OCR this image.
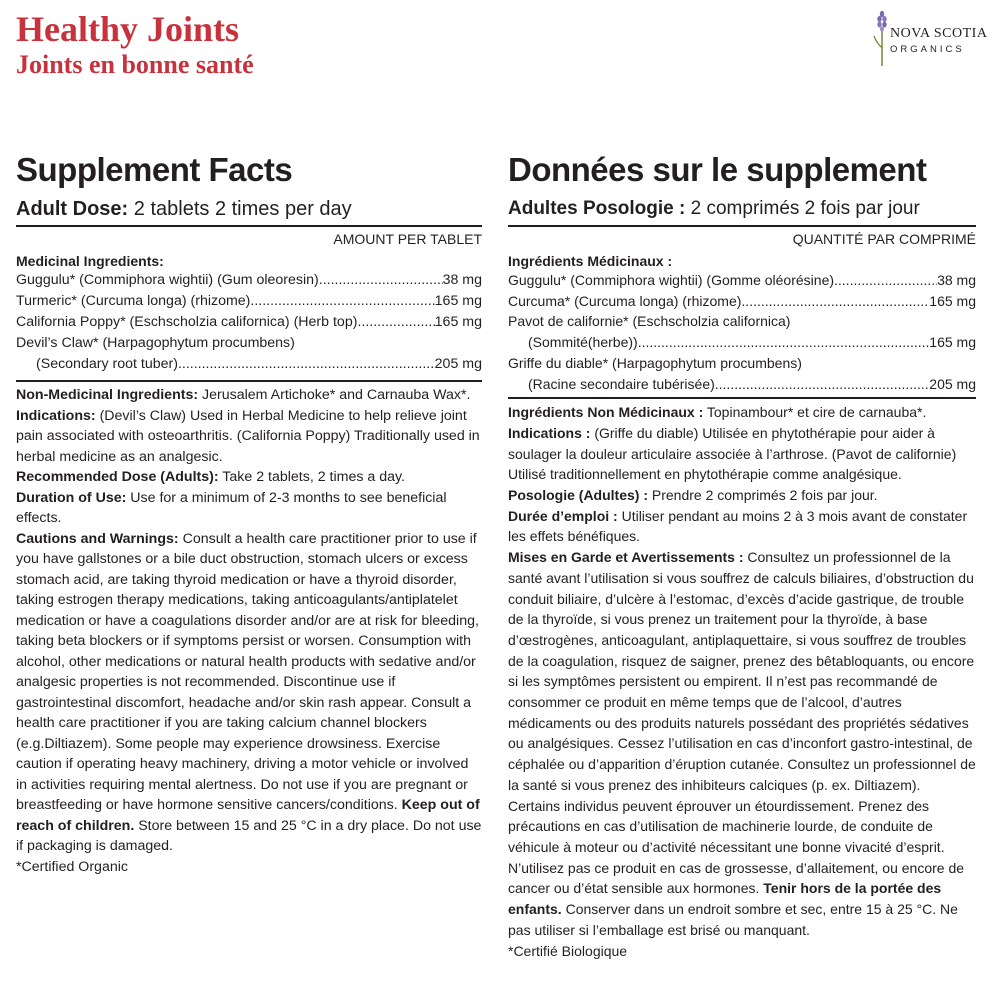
Healthy Joints
Joints en bonne santé
NOVA SCOTIA
ORGANICS
Supplement Facts
Adult Dose: 2 tablets 2 times per day
AMOUNT PER TABLET
Medicinal Ingredients:
Guggulu* (Commiphora wightii) (Gum oleoresin) .....	38 mg
Turmeric* (Curcuma longa) (rhizome) .....	165 mg
California Poppy* (Eschscholzia californica) (Herb top) .....	165 mg
Devil’s Claw* (Harpagophytum procumbens)
(Secondary root tuber) .....	205 mg
Non-Medicinal Ingredients: Jerusalem Artichoke* and Carnauba Wax*.
Indications: (Devil’s Claw) Used in Herbal Medicine to help relieve joint pain associated with osteoarthritis. (California Poppy) Traditionally used in herbal medicine as an analgesic.
Recommended Dose (Adults): Take 2 tablets, 2 times a day.
Duration of Use: Use for a minimum of 2-3 months to see beneficial effects.
Cautions and Warnings: Consult a health care practitioner prior to use if you have gallstones or a bile duct obstruction, stomach ulcers or excess stomach acid, are taking thyroid medication or have a thyroid disorder, taking estrogen therapy medications, taking anticoagulants/antiplatelet medication or have a coagulations disorder and/or are at risk for bleeding, taking beta blockers or if symptoms persist or worsen. Consumption with alcohol, other medications or natural health products with sedative and/or analgesic properties is not recommended. Discontinue use if gastrointestinal discomfort, headache and/or skin rash appear. Consult a health care practitioner if you are taking calcium channel blockers (e.g.Diltiazem). Some people may experience drowsiness. Exercise caution if operating heavy machinery, driving a motor vehicle or involved in activities requiring mental alertness. Do not use if you are pregnant or breastfeeding or have hormone sensitive cancers/conditions. Keep out of reach of children. Store between 15 and 25 °C in a dry place. Do not use if packaging is damaged.
*Certified Organic
Données sur le supplement
Adultes Posologie : 2 comprimés 2 fois par jour
QUANTITÉ PAR COMPRIMÉ
Ingrédients Médicinaux :
Guggulu* (Commiphora wightii) (Gomme oléorésine) .....	38 mg
Curcuma* (Curcuma longa) (rhizome) .....	165 mg
Pavot de californie* (Eschscholzia californica)
(Sommité(herbe)) .....	165 mg
Griffe du diable* (Harpagophytum procumbens)
(Racine secondaire tubérisée) .....	205 mg
Ingrédients Non Médicinaux : Topinambour* et cire de carnauba*.
Indications : (Griffe du diable) Utilisée en phytothérapie pour aider à soulager la douleur articulaire associée à l’arthrose. (Pavot de californie) Utilisé traditionnellement en phytothérapie comme analgésique.
Posologie (Adultes) : Prendre 2 comprimés 2 fois par jour.
Durée d’emploi : Utiliser pendant au moins 2 à 3 mois avant de constater les effets bénéfiques.
Mises en Garde et Avertissements : Consultez un professionnel de la santé avant l’utilisation si vous souffrez de calculs biliaires, d’obstruction du conduit biliaire, d’ulcère à l’estomac, d’excès d’acide gastrique, de trouble de la thyroïde, si vous prenez un traitement pour la thyroïde, à base d’œstrogènes, anticoagulant, antiplaquettaire, si vous souffrez de troubles de la coagulation, risquez de saigner, prenez des bêtabloquants, ou encore si les symptômes persistent ou empirent. Il n’est pas recommandé de consommer ce produit en même temps que de l’alcool, d’autres médicaments ou des produits naturels possédant des propriétés sédatives ou analgésiques. Cessez l’utilisation en cas d’inconfort gastro-intestinal, de céphalée ou d’apparition d’éruption cutanée. Consultez un professionnel de la santé si vous prenez des inhibiteurs calciques (p. ex. Diltiazem). Certains individus peuvent éprouver un étourdissement. Prenez des précautions en cas d’utilisation de machinerie lourde, de conduite de véhicule à moteur ou d’activité nécessitant une bonne vivacité d’esprit. N’utilisez pas ce produit en cas de grossesse, d’allaitement, ou encore de cancer ou d’état sensible aux hormones. Tenir hors de la portée des enfants. Conserver dans un endroit sombre et sec, entre 15 à 25 °C. Ne pas utiliser si l’emballage est brisé ou manquant.
*Certifié Biologique
